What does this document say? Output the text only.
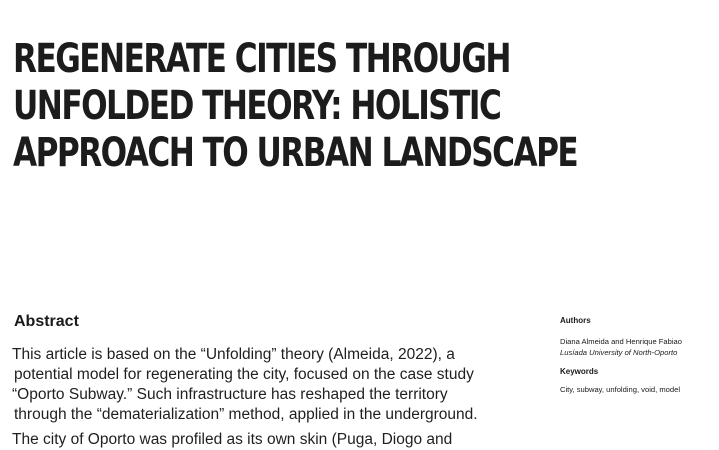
REGENERATE CITIES THROUGH
UNFOLDED THEORY: HOLISTIC
APPROACH TO URBAN LANDSCAPE
Abstract
This article is based on the “Unfolding” theory (Almeida, 2022), a
potential model for regenerating the city, focused on the case study
“Oporto Subway.” Such infrastructure has reshaped the territory
through the “dematerialization” method, applied in the underground.
The city of Oporto was profiled as its own skin (Puga, Diogo and

Authors

Diana Almeida and Henrique Fabiao

Lusíada University of North-Oporto

Keywords

City, subway, unfolding, void, model
